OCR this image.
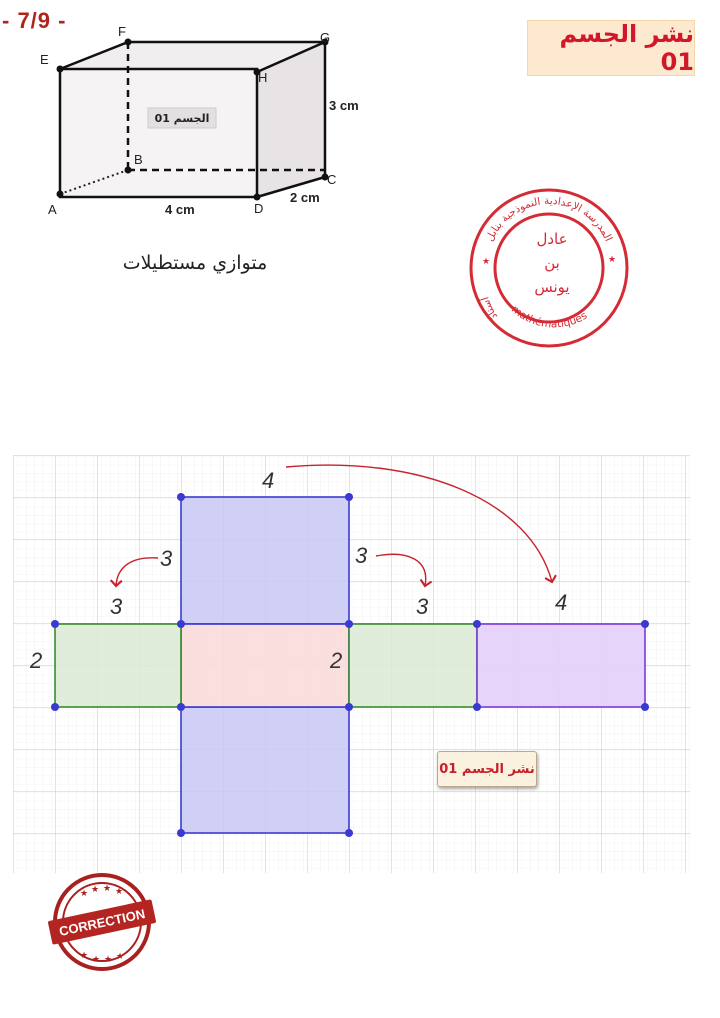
- 7/9 -	نشر الجسم 01
A
B
C
D
E
F	G
H
4 cm
2 cm
3 cm
الجسم 01
متوازي مستطيلات
المدرسة الإعدادية النموذجية بنابل
mathématiques
أستاذ
★
★
عادل
بن
يونس
4
3	3
3	3	4
2	2
نشر الجسم 01
★ ★ ★ ★
★ ★ ★ ★
CORRECTION
